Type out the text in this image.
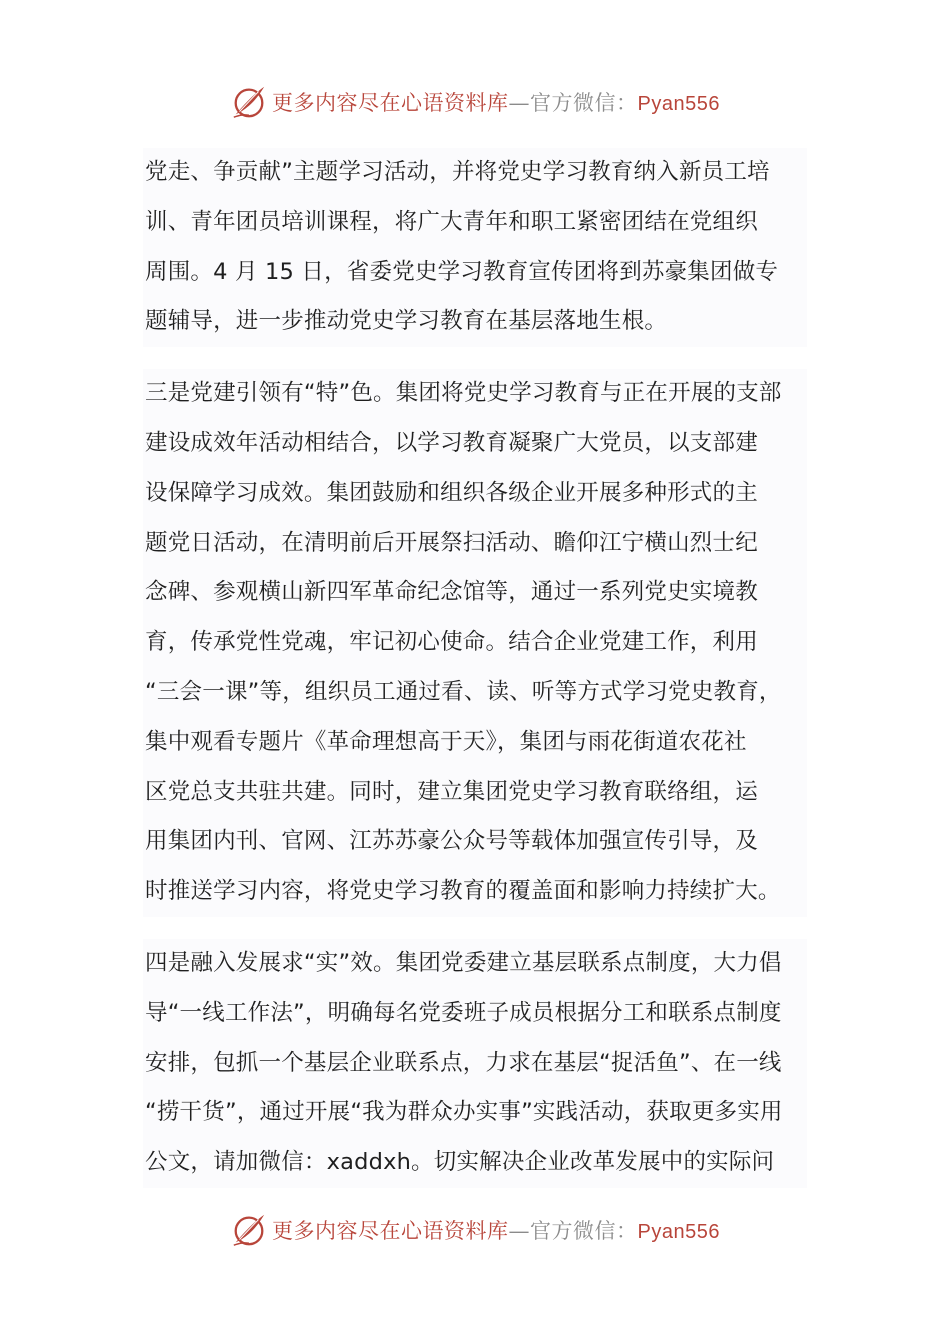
更多内容尽在心语资料库—官方微信：Pyan556
党走、争贡献”主题学习活动，并将党史学习教育纳入新员工培
训、青年团员培训课程，将广大青年和职工紧密团结在党组织
周围。4 月 15 日，省委党史学习教育宣传团将到苏豪集团做专
题辅导，进一步推动党史学习教育在基层落地生根。
三是党建引领有“特”色。集团将党史学习教育与正在开展的支部
建设成效年活动相结合，以学习教育凝聚广大党员，以支部建
设保障学习成效。集团鼓励和组织各级企业开展多种形式的主
题党日活动，在清明前后开展祭扫活动、瞻仰江宁横山烈士纪
念碑、参观横山新四军革命纪念馆等，通过一系列党史实境教
育，传承党性党魂，牢记初心使命。结合企业党建工作，利用
“三会一课”等，组织员工通过看、读、听等方式学习党史教育，
集中观看专题片《革命理想高于天》，集团与雨花街道农花社
区党总支共驻共建。同时，建立集团党史学习教育联络组，运
用集团内刊、官网、江苏苏豪公众号等载体加强宣传引导，及
时推送学习内容，将党史学习教育的覆盖面和影响力持续扩大。
四是融入发展求“实”效。集团党委建立基层联系点制度，大力倡
导“一线工作法”，明确每名党委班子成员根据分工和联系点制度
安排，包抓一个基层企业联系点，力求在基层“捉活鱼”、在一线
“捞干货”，通过开展“我为群众办实事”实践活动，获取更多实用
公文，请加微信：xaddxh。切实解决企业改革发展中的实际问
更多内容尽在心语资料库—官方微信：Pyan556
